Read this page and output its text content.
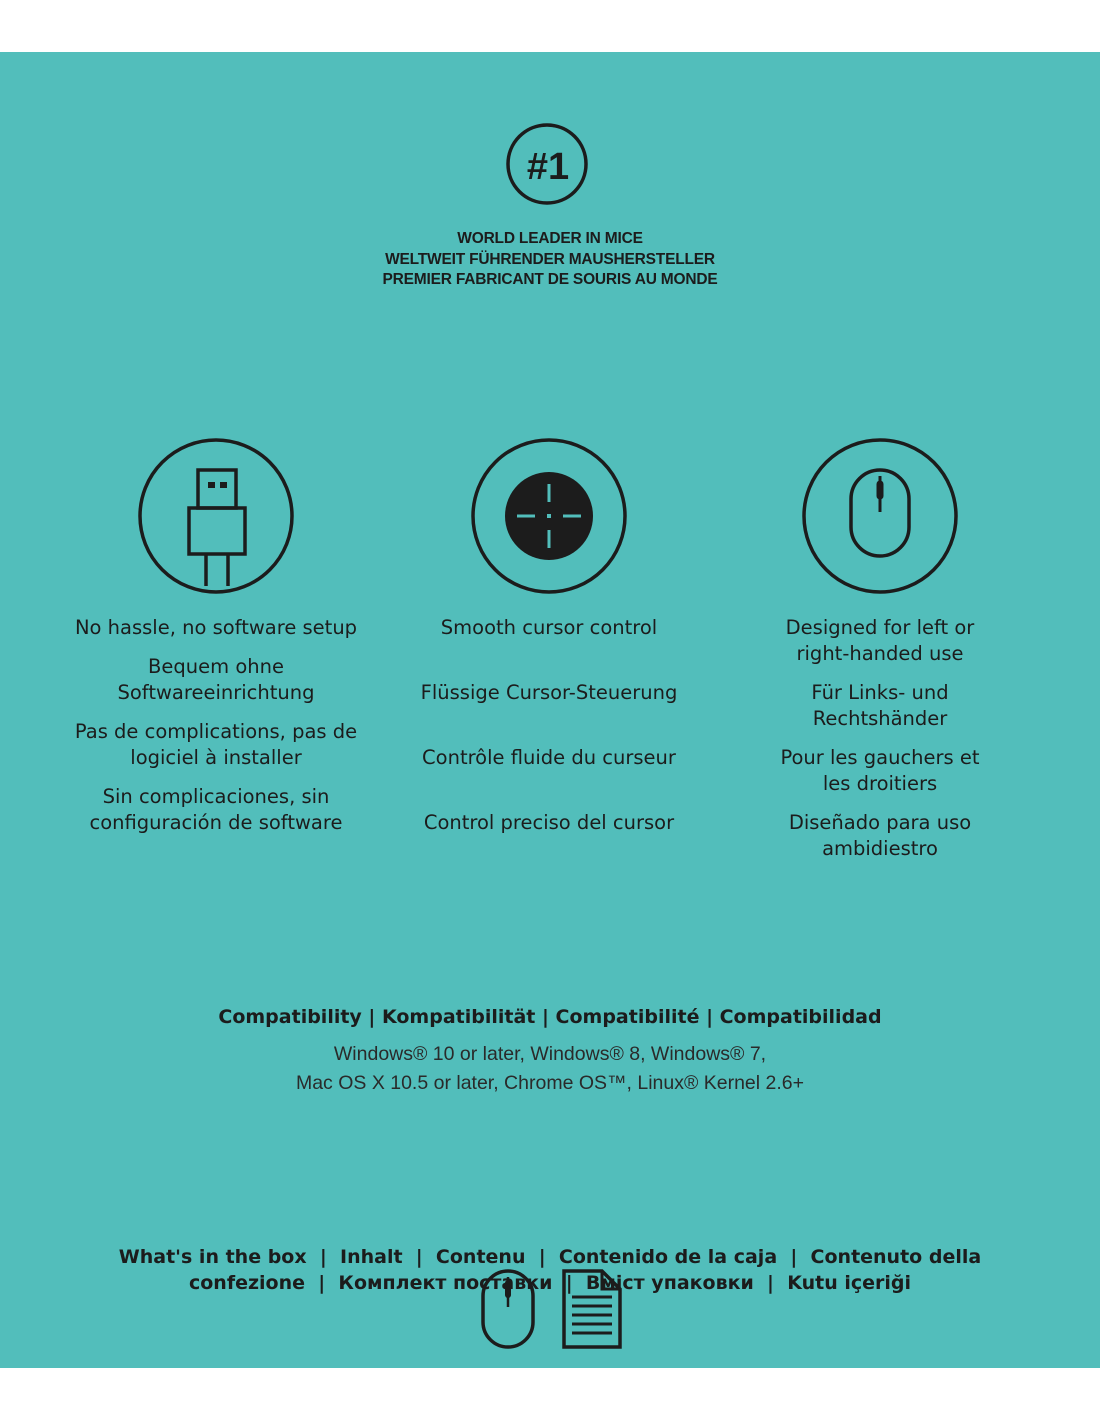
#1
WORLD LEADER IN MICE
WELTWEIT FÜHRENDER MAUSHERSTELLER
PREMIER FABRICANT DE SOURIS AU MONDE
No hassle, no software setup
Bequem ohne Softwareeinrichtung
Pas de complications, pas de logiciel à installer
Sin complicaciones, sin configuración de software
Smooth cursor control
Flüssige Cursor-Steuerung
Contrôle fluide du curseur
Control preciso del cursor
Designed for left or right-handed use
Für Links- und Rechtshänder
Pour les gauchers et les droitiers
Diseñado para uso ambidiestro
Compatibility | Kompatibilität | Compatibilité | Compatibilidad
Windows® 10 or later, Windows® 8, Windows® 7,
Mac OS X 10.5 or later, Chrome OS™, Linux® Kernel 2.6+
What's in the box  |  Inhalt  |  Contenu  |  Contenido de la caja  |  Contenuto della
confezione  |  Комплект поставки  |  Вміст упаковки  |  Kutu içeriği
